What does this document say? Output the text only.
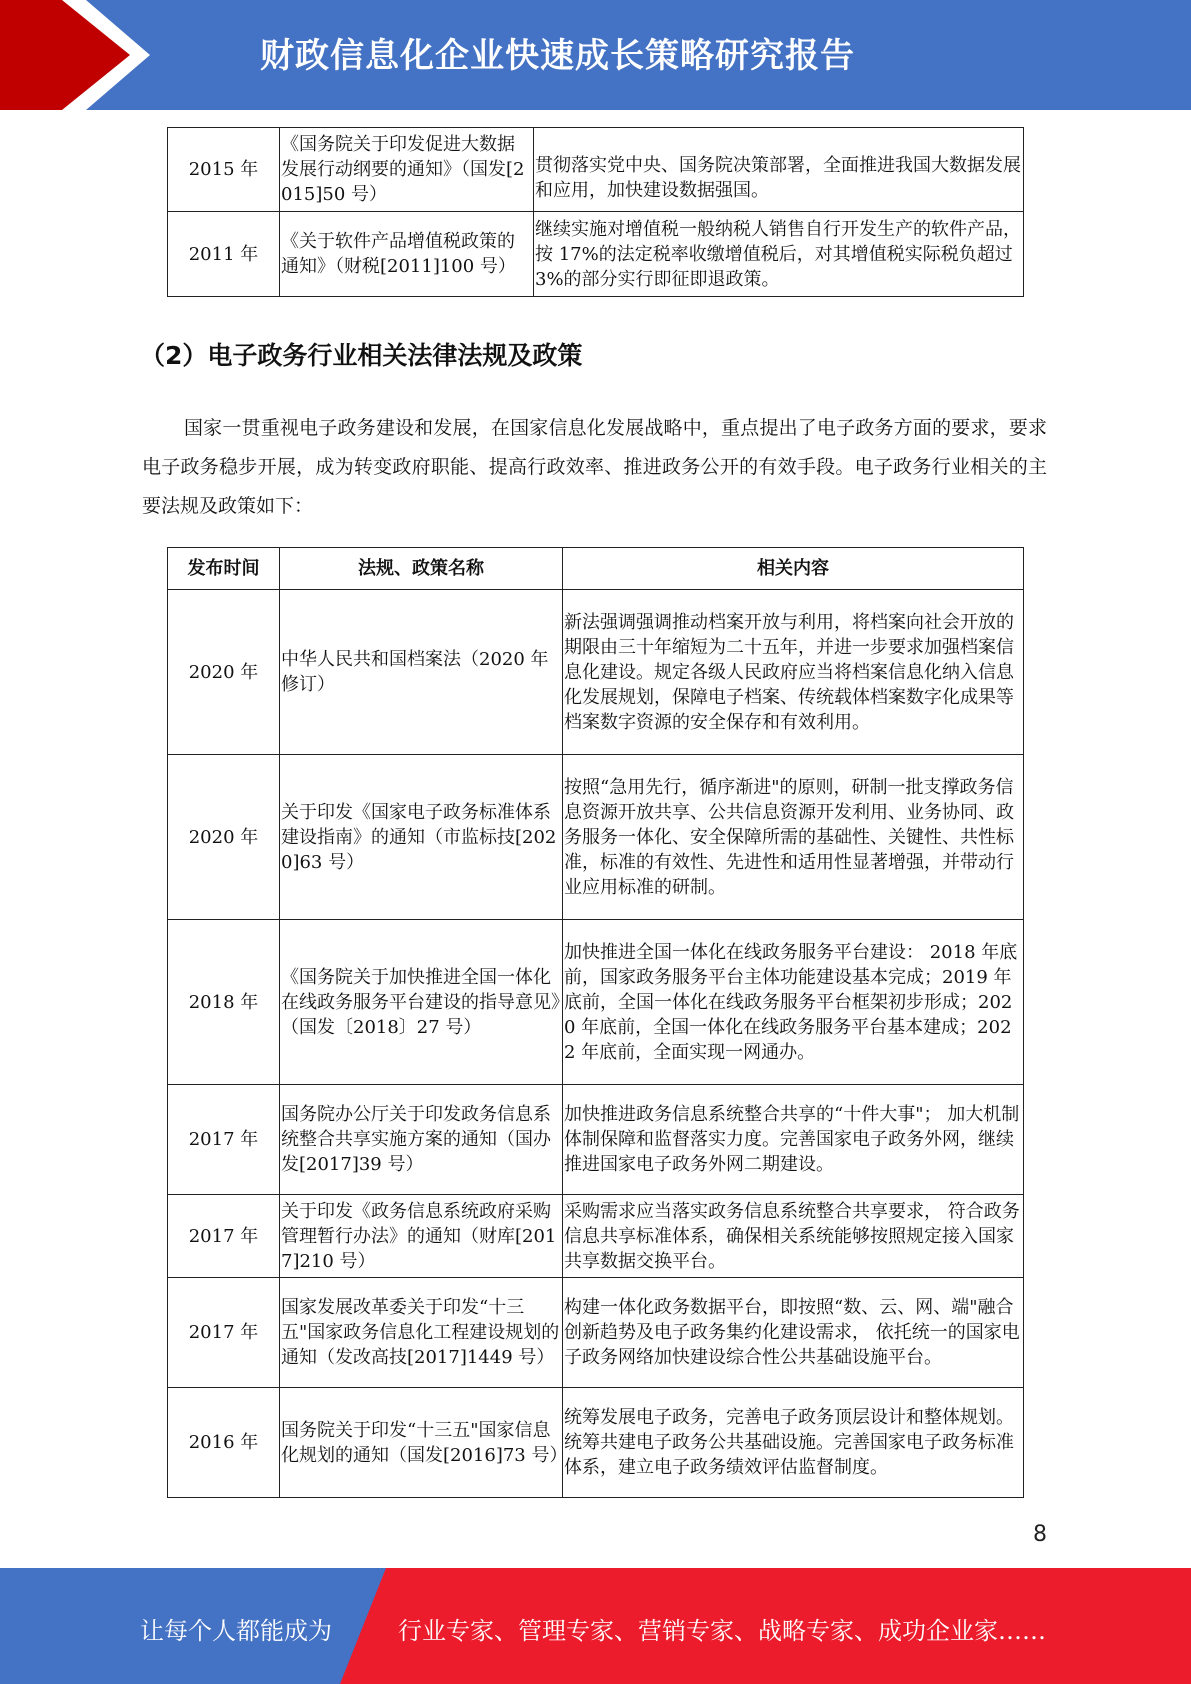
财政信息化企业快速成长策略研究报告
2015 年	《国务院关于印发促进大数据发展行动纲要的通知》（国发[2015]50 号）	贯彻落实党中央、国务院决策部署，全面推进我国大数据发展和应用，加快建设数据强国。
2011 年	《关于软件产品增值税政策的通知》（财税[2011]100 号）	继续实施对增值税一般纳税人销售自行开发生产的软件产品，按 17%的法定税率收缴增值税后，对其增值税实际税负超过 3%的部分实行即征即退政策。
（2）电子政务行业相关法律法规及政策

国家一贯重视电子政务建设和发展，在国家信息化发展战略中，重点提出了电子政务方面的要求，要求电子政务稳步开展，成为转变政府职能、提高行政效率、推进政务公开的有效手段。电子政务行业相关的主要法规及政策如下：

发布时间	法规、政策名称	相关内容
2020 年	中华人民共和国档案法（2020 年修订）	新法强调强调推动档案开放与利用，将档案向社会开放的期限由三十年缩短为二十五年，并进一步要求加强档案信息化建设。规定各级人民政府应当将档案信息化纳入信息化发展规划，保障电子档案、传统载体档案数字化成果等档案数字资源的安全保存和有效利用。
2020 年	关于印发《国家电子政务标准体系建设指南》的通知（市监标技[2020]63 号）	按照“急用先行，循序渐进"的原则，研制一批支撑政务信息资源开放共享、公共信息资源开发利用、业务协同、政务服务一体化、安全保障所需的基础性、关键性、共性标准，标准的有效性、先进性和适用性显著增强，并带动行业应用标准的研制。
2018 年	《国务院关于加快推进全国一体化在线政务服务平台建设的指导意见》（国发〔2018〕27 号）	加快推进全国一体化在线政务服务平台建设： 2018 年底前，国家政务服务平台主体功能建设基本完成；2019 年底前，全国一体化在线政务服务平台框架初步形成；2020 年底前，全国一体化在线政务服务平台基本建成；2022 年底前，全面实现一网通办。
2017 年	国务院办公厅关于印发政务信息系统整合共享实施方案的通知（国办发[2017]39 号）	加快推进政务信息系统整合共享的“十件大事"； 加大机制体制保障和监督落实力度。完善国家电子政务外网，继续推进国家电子政务外网二期建设。
2017 年	关于印发《政务信息系统政府采购管理暂行办法》的通知（财库[2017]210 号）	采购需求应当落实政务信息系统整合共享要求， 符合政务信息共享标准体系，确保相关系统能够按照规定接入国家共享数据交换平台。
2017 年	国家发展改革委关于印发“十三五"国家政务信息化工程建设规划的通知（发改高技[2017]1449 号）	构建一体化政务数据平台，即按照“数、云、网、端"融合创新趋势及电子政务集约化建设需求， 依托统一的国家电子政务网络加快建设综合性公共基础设施平台。
2016 年	国务院关于印发“十三五"国家信息化规划的通知（国发[2016]73 号）	统筹发展电子政务，完善电子政务顶层设计和整体规划。统筹共建电子政务公共基础设施。完善国家电子政务标准体系，建立电子政务绩效评估监督制度。
8
让每个人都能成为	行业专家、管理专家、营销专家、战略专家、成功企业家……
